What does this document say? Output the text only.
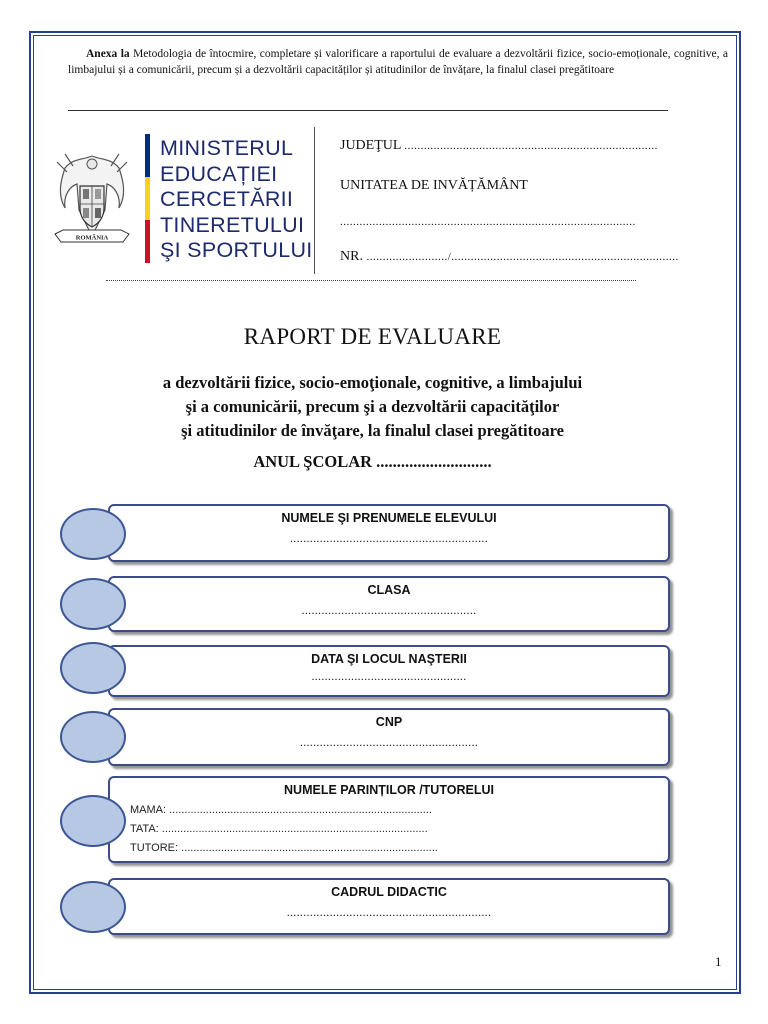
Anexa la Metodologia de întocmire, completare și valorificare a raportului de evaluare a dezvoltării fizice, socio-emoționale, cognitive, a limbajului și a comunicării, precum și a dezvoltării capacităților și atitudinilor de învățare, la finalul clasei pregătitoare
ROMÂNIA
MINISTERUL
EDUCAȚIEI
CERCETĂRII
TINERETULUI
ŞI SPORTULUI
JUDEŢUL ..............................................................................
UNITATEA DE INVĂȚĂMÂNT
...........................................................................................
NR. ........................./......................................................................
RAPORT DE EVALUARE
a dezvoltării fizice, socio-emoţionale, cognitive, a limbajului
şi a comunicării, precum şi a dezvoltării capacităţilor
şi atitudinilor de învăţare, la finalul clasei pregătitoare
ANUL ŞCOLAR ............................
NUMELE ŞI PRENUMELE ELEVULUI
............................................................
CLASA
.....................................................
DATA ŞI LOCUL NAŞTERII
...............................................
CNP
......................................................
NUMELE PARINȚILOR /TUTORELUI
MAMA: ......................................................................................
TATA: .......................................................................................
TUTORE: ....................................................................................
CADRUL DIDACTIC
..............................................................
1
